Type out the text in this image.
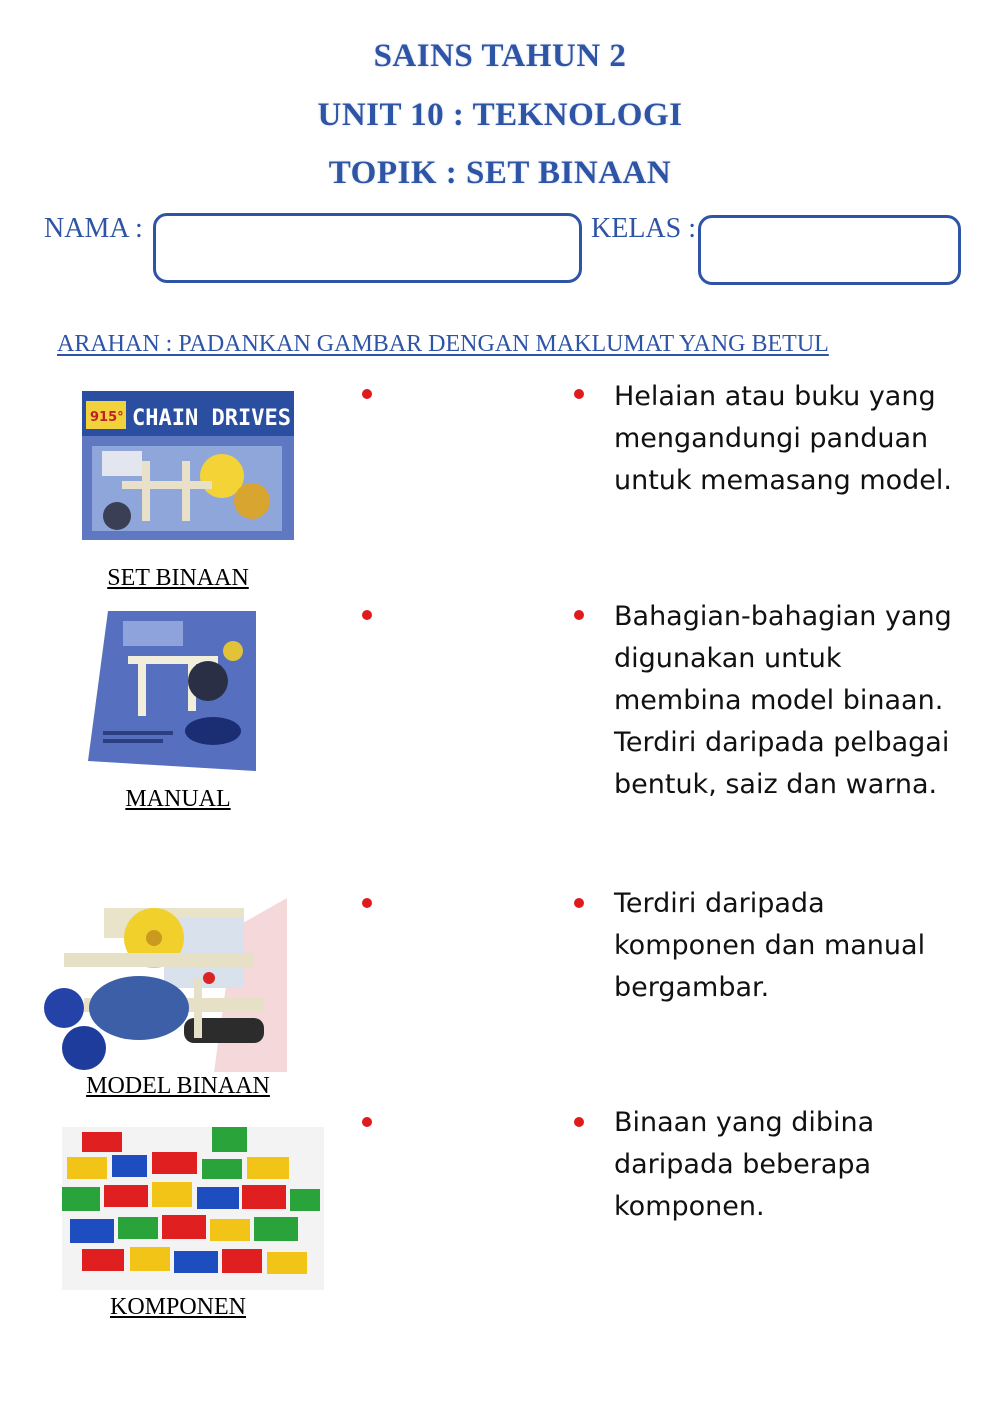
SAINS TAHUN 2
UNIT 10 : TEKNOLOGI
TOPIK : SET BINAAN
NAMA :	KELAS :
ARAHAN : PADANKAN GAMBAR DENGAN MAKLUMAT YANG BETUL
915° CHAIN DRIVES
SET BINAAN
MANUAL
MODEL BINAAN
KOMPONEN
Helaian atau buku yang mengandungi panduan untuk memasang model.
Bahagian-bahagian yang digunakan untuk membina model binaan. Terdiri daripada pelbagai bentuk, saiz dan warna.
Terdiri daripada komponen dan manual bergambar.
Binaan yang dibina daripada beberapa komponen.
